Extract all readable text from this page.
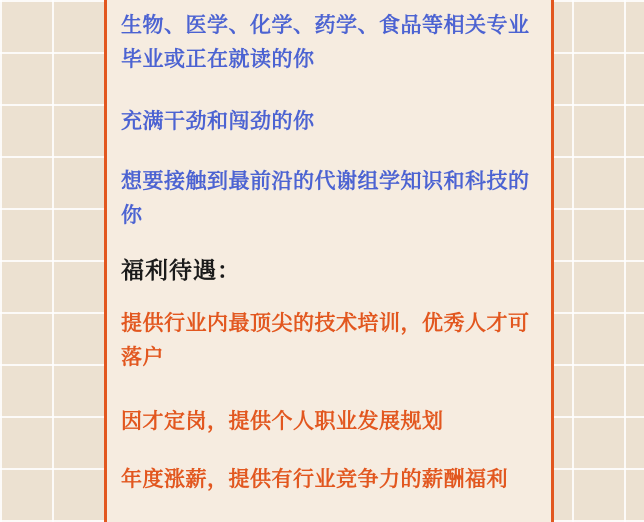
生物、医学、化学、药学、食品等相关专业毕业或正在就读的你

充满干劲和闯劲的你

想要接触到最前沿的代谢组学知识和科技的你

福利待遇：

提供行业内最顶尖的技术培训，优秀人才可落户

因才定岗，提供个人职业发展规划

年度涨薪，提供有行业竞争力的薪酬福利
